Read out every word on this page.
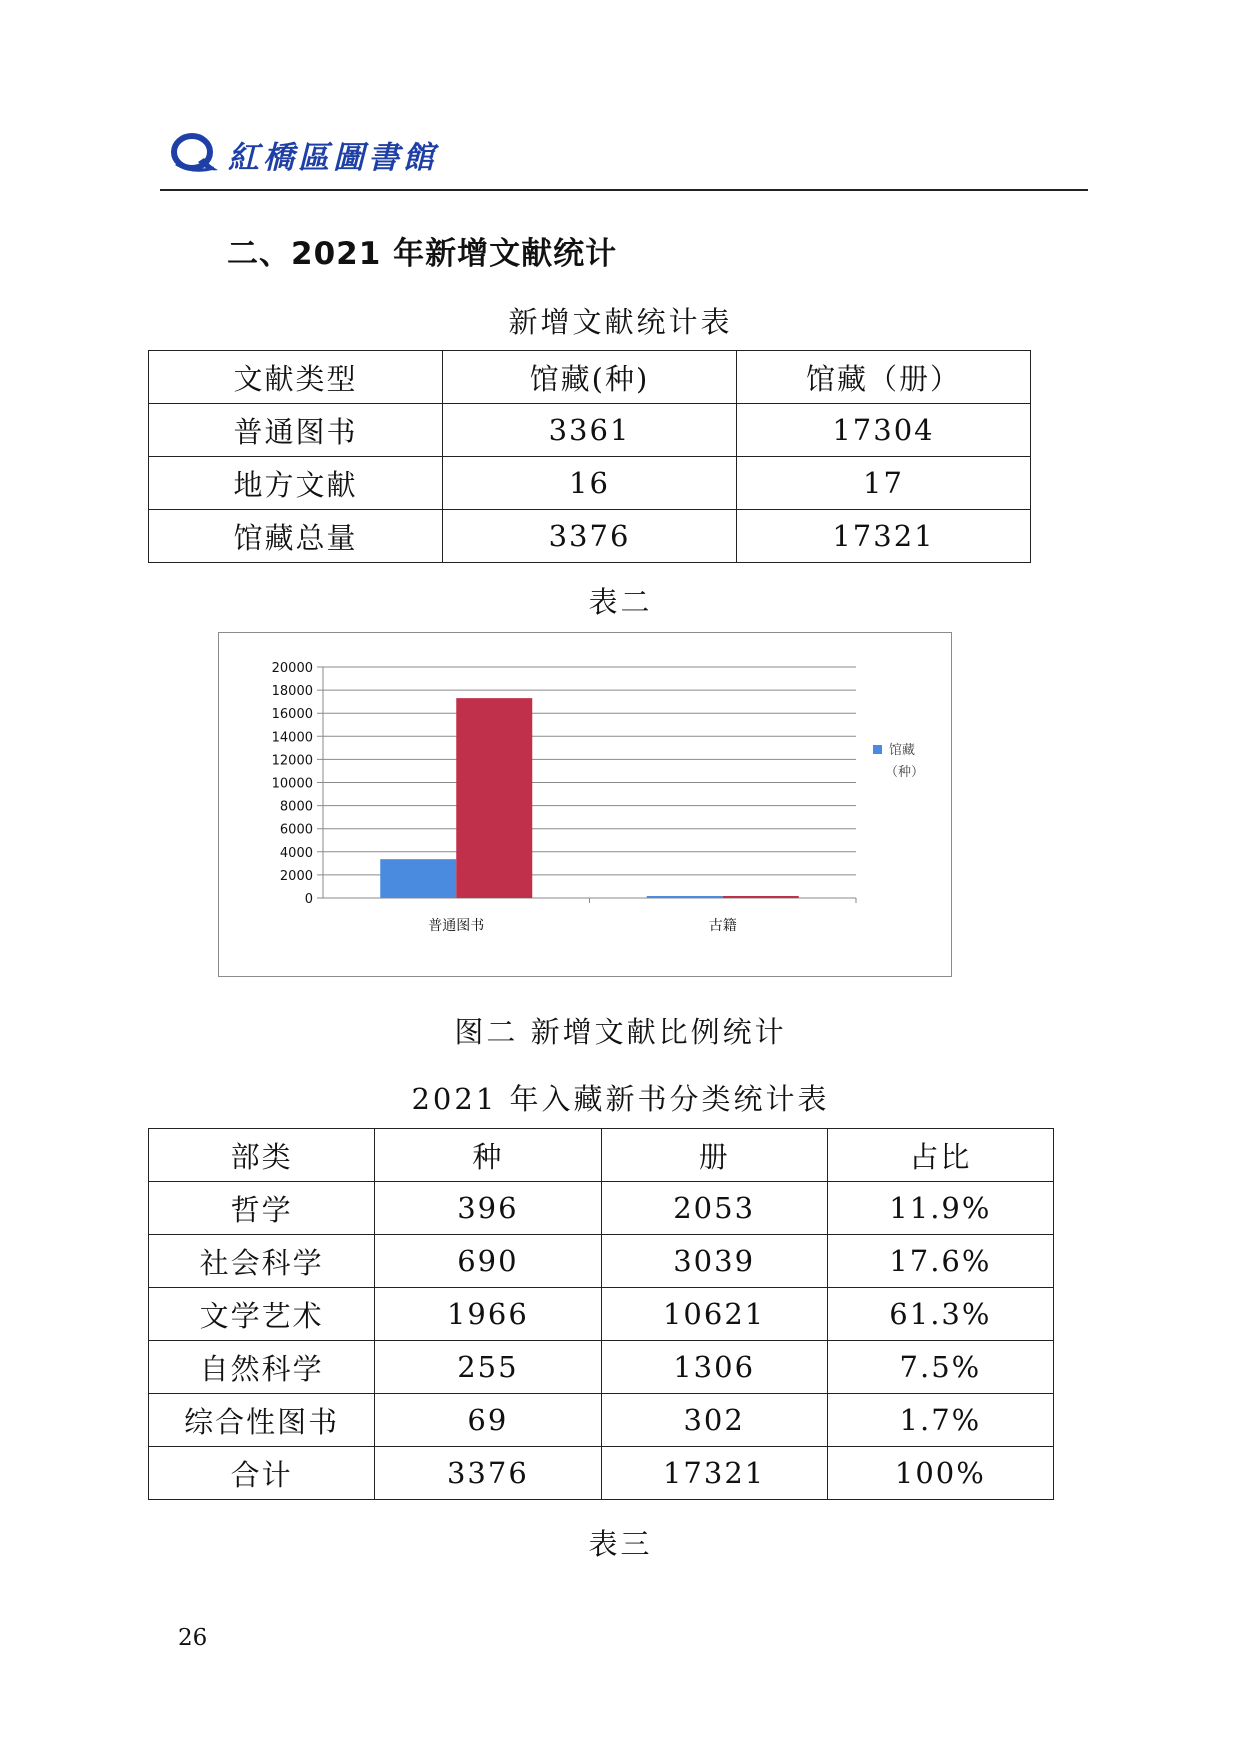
紅橋區圖書館
二、2021 年新增文献统计
新增文献统计表
文献类型	馆藏(种)	馆藏（册）
普通图书	3361	17304
地方文献	16	17
馆藏总量	3376	17321
表二
0
2000
4000
6000
8000
10000
12000
14000
16000
18000
20000
普通图书	古籍
馆藏
（种）
图二 新增文献比例统计
2021 年入藏新书分类统计表
部类	种	册	占比
哲学	396	2053	11.9%
社会科学	690	3039	17.6%
文学艺术	1966	10621	61.3%
自然科学	255	1306	7.5%
综合性图书	69	302	1.7%
合计	3376	17321	100%
表三
26
